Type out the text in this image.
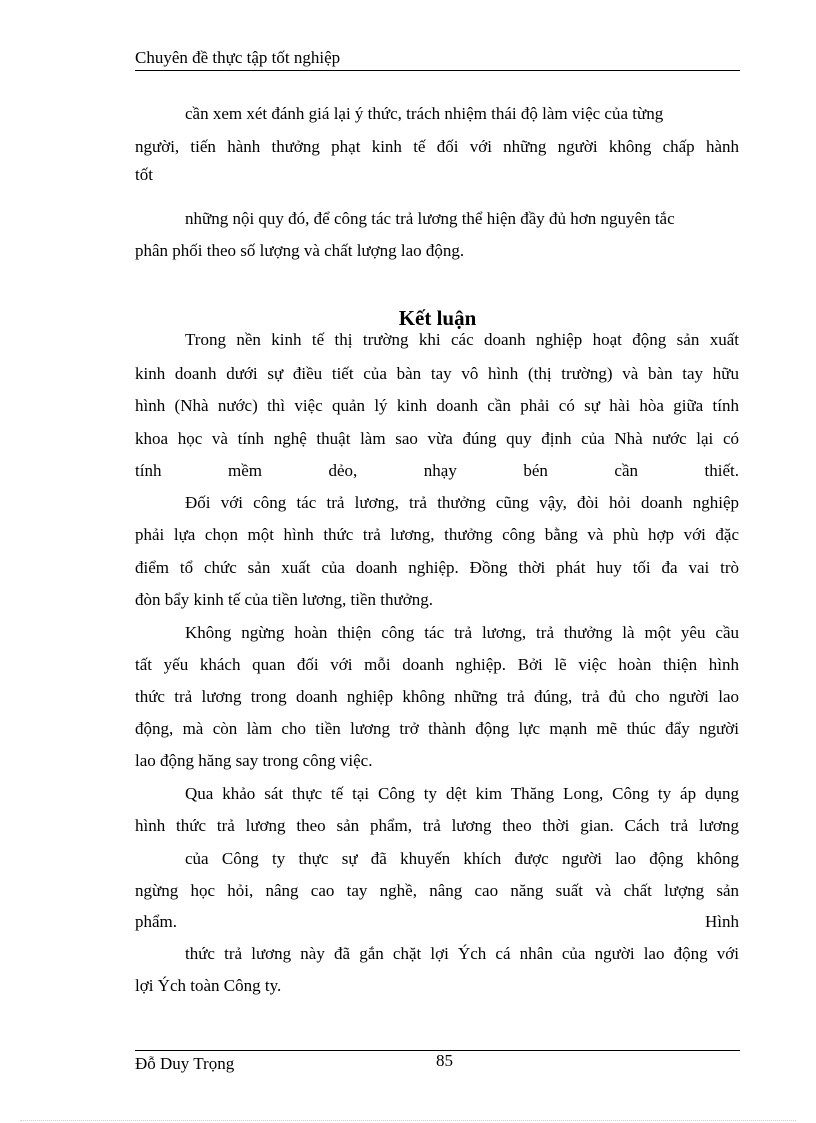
Chuyên đề thực tập tốt nghiệp
cần xem xét đánh giá lại ý thức, trách nhiệm thái độ làm việc của từng
người, tiến hành thưởng phạt kinh tế đối với những người không chấp hành
tốt
những nội quy đó, để công tác trả lương thể hiện đầy đủ hơn nguyên tắc
phân phối theo số lượng và chất lượng lao động.
Kết luận
Trong nền kinh tế thị trường khi các doanh nghiệp hoạt động sản xuất
kinh doanh dưới sự điều tiết của bàn tay vô hình (thị trường) và bàn tay hữu
hình (Nhà nước) thì việc quản lý kinh doanh cần phải có sự hài hòa giữa tính
khoa học và tính nghệ thuật làm sao vừa đúng quy định của Nhà nước lại có
tính mềm dẻo, nhạy bén cần thiết.
Đối với công tác trả lương, trả thưởng cũng vậy, đòi hỏi doanh nghiệp
phải lựa chọn một hình thức trả lương, thưởng công bằng và phù hợp với đặc
điểm tổ chức sản xuất của doanh nghiệp. Đồng thời phát huy tối đa vai trò
đòn bẩy kinh tế của tiền lương, tiền thưởng.
Không ngừng hoàn thiện công tác trả lương, trả thưởng là một yêu cầu
tất yếu khách quan đối với mỗi doanh nghiệp. Bởi lẽ việc hoàn thiện hình
thức trả lương trong doanh nghiệp không những trả đúng, trả đủ cho người lao
động, mà còn làm cho tiền lương trở thành động lực mạnh mẽ thúc đẩy người
lao động hăng say trong công việc.
Qua khảo sát thực tế tại Công ty dệt kim Thăng Long, Công ty áp dụng
hình thức trả lương theo sản phẩm, trả lương theo thời gian. Cách trả lương
của Công ty thực sự đã khuyến khích được người lao động không
ngừng học hỏi, nâng cao tay nghề, nâng cao năng suất và chất lượng sản
phẩm. Hình
thức trả lương này đã gắn chặt lợi Ých cá nhân của người lao động với
lợi Ých toàn Công ty.
Đỗ Duy Trọng	85
